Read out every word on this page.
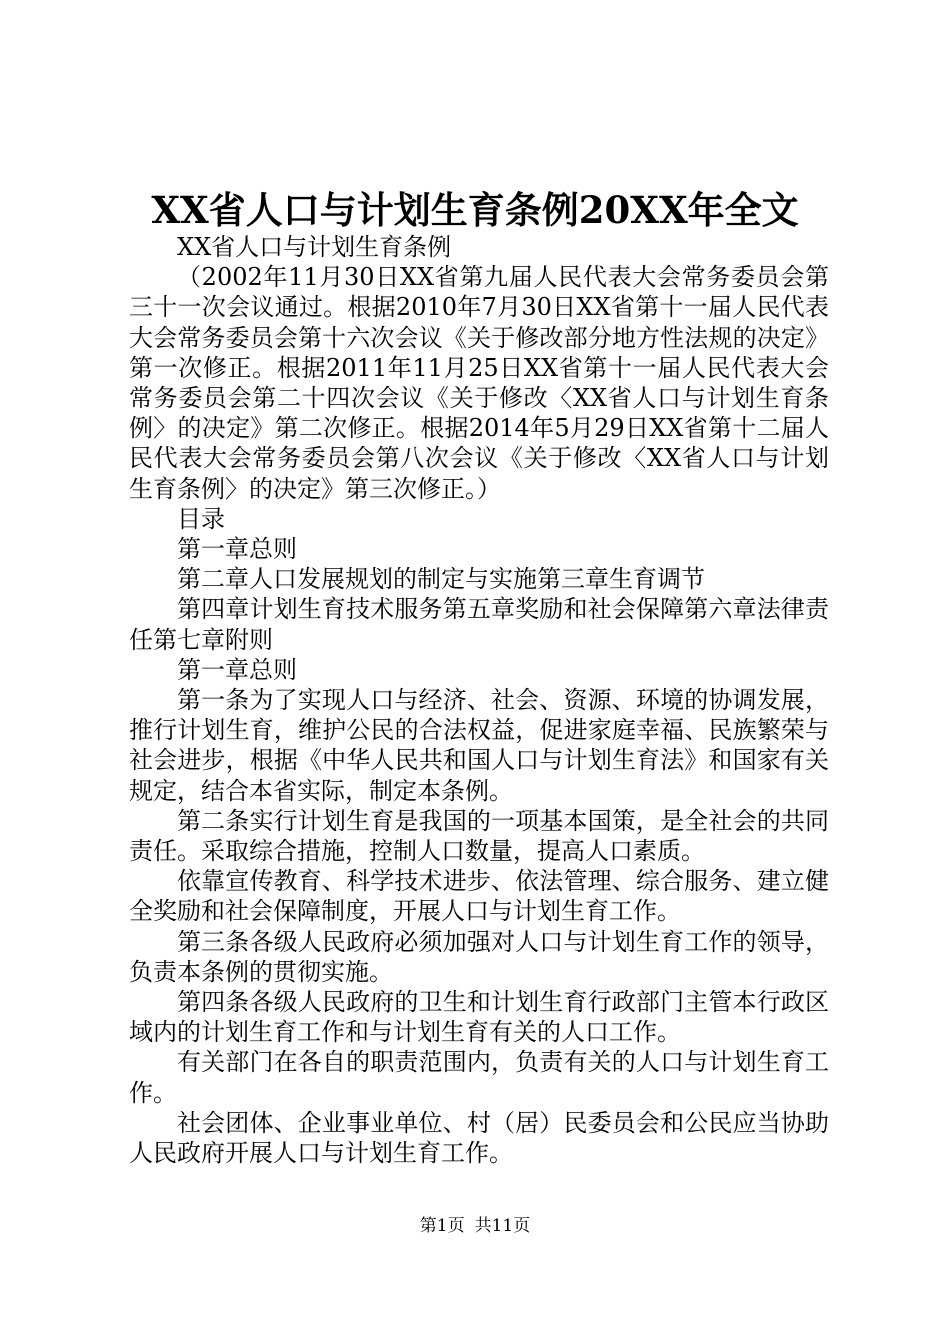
XX省人口与计划生育条例20XX年全文

XX省人口与计划生育条例

（2002年11月30日XX省第九届人民代表大会常务委员会第三十一次会议通过。根据2010年7月30日XX省第十一届人民代表大会常务委员会第十六次会议《关于修改部分地方性法规的决定》第一次修正。根据2011年11月25日XX省第十一届人民代表大会常务委员会第二十四次会议《关于修改〈XX省人口与计划生育条例〉的决定》第二次修正。根据2014年5月29日XX省第十二届人民代表大会常务委员会第八次会议《关于修改〈XX省人口与计划生育条例〉的决定》第三次修正。）

目录

第一章总则

第二章人口发展规划的制定与实施第三章生育调节

第四章计划生育技术服务第五章奖励和社会保障第六章法律责任第七章附则

第一章总则

第一条为了实现人口与经济、社会、资源、环境的协调发展，推行计划生育，维护公民的合法权益，促进家庭幸福、民族繁荣与社会进步，根据《中华人民共和国人口与计划生育法》和国家有关规定，结合本省实际，制定本条例。

第二条实行计划生育是我国的一项基本国策，是全社会的共同责任。采取综合措施，控制人口数量，提高人口素质。

依靠宣传教育、科学技术进步、依法管理、综合服务、建立健全奖励和社会保障制度，开展人口与计划生育工作。

第三条各级人民政府必须加强对人口与计划生育工作的领导，负责本条例的贯彻实施。

第四条各级人民政府的卫生和计划生育行政部门主管本行政区域内的计划生育工作和与计划生育有关的人口工作。

有关部门在各自的职责范围内，负责有关的人口与计划生育工作。

社会团体、企业事业单位、村（居）民委员会和公民应当协助人民政府开展人口与计划生育工作。

第1页 共11页
